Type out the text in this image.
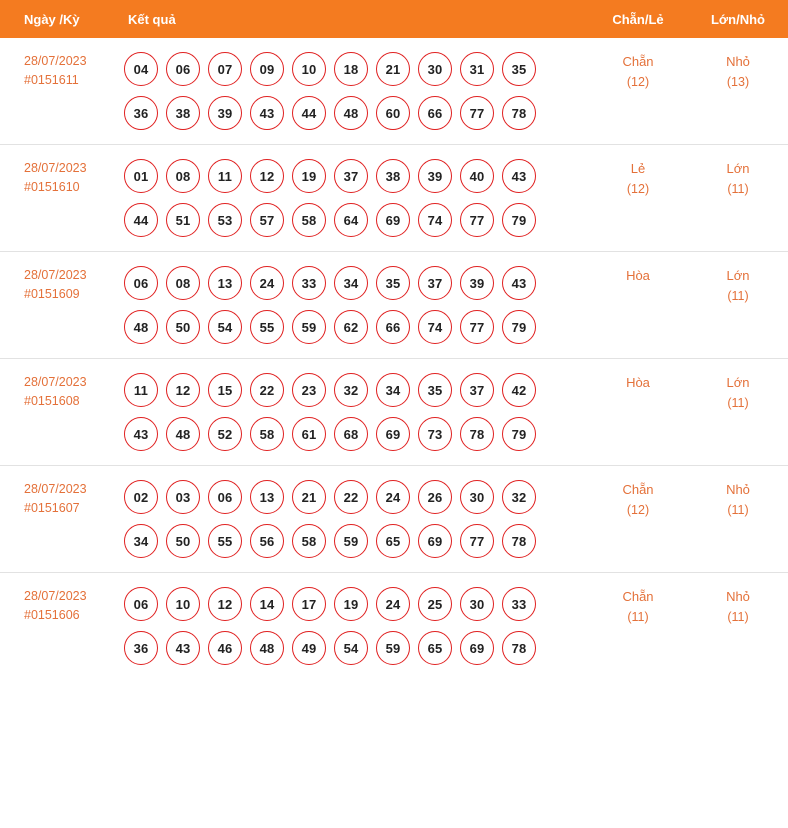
Ngày /Kỳ	Kết quả	Chẵn/Lẻ	Lớn/Nhỏ
28/07/2023
#0151611

04	06	07	09	10	18	21	30	31	35
36	38	39	43	44	48	60	66	77	78
	Chẵn
(12)
	Nhỏ
(13)

28/07/2023
#0151610

01	08	11	12	19	37	38	39	40	43
44	51	53	57	58	64	69	74	77	79
	Lẻ
(12)
	Lớn
(11)

28/07/2023
#0151609

06	08	13	24	33	34	35	37	39	43
48	50	54	55	59	62	66	74	77	79
	Hòa	Lớn
(11)

28/07/2023
#0151608

11	12	15	22	23	32	34	35	37	42
43	48	52	58	61	68	69	73	78	79
	Hòa	Lớn
(11)

28/07/2023
#0151607

02	03	06	13	21	22	24	26	30	32
34	50	55	56	58	59	65	69	77	78
	Chẵn
(12)
	Nhỏ
(11)

28/07/2023
#0151606

06	10	12	14	17	19	24	25	30	33
36	43	46	48	49	54	59	65	69	78
	Chẵn
(11)
	Nhỏ
(11)
